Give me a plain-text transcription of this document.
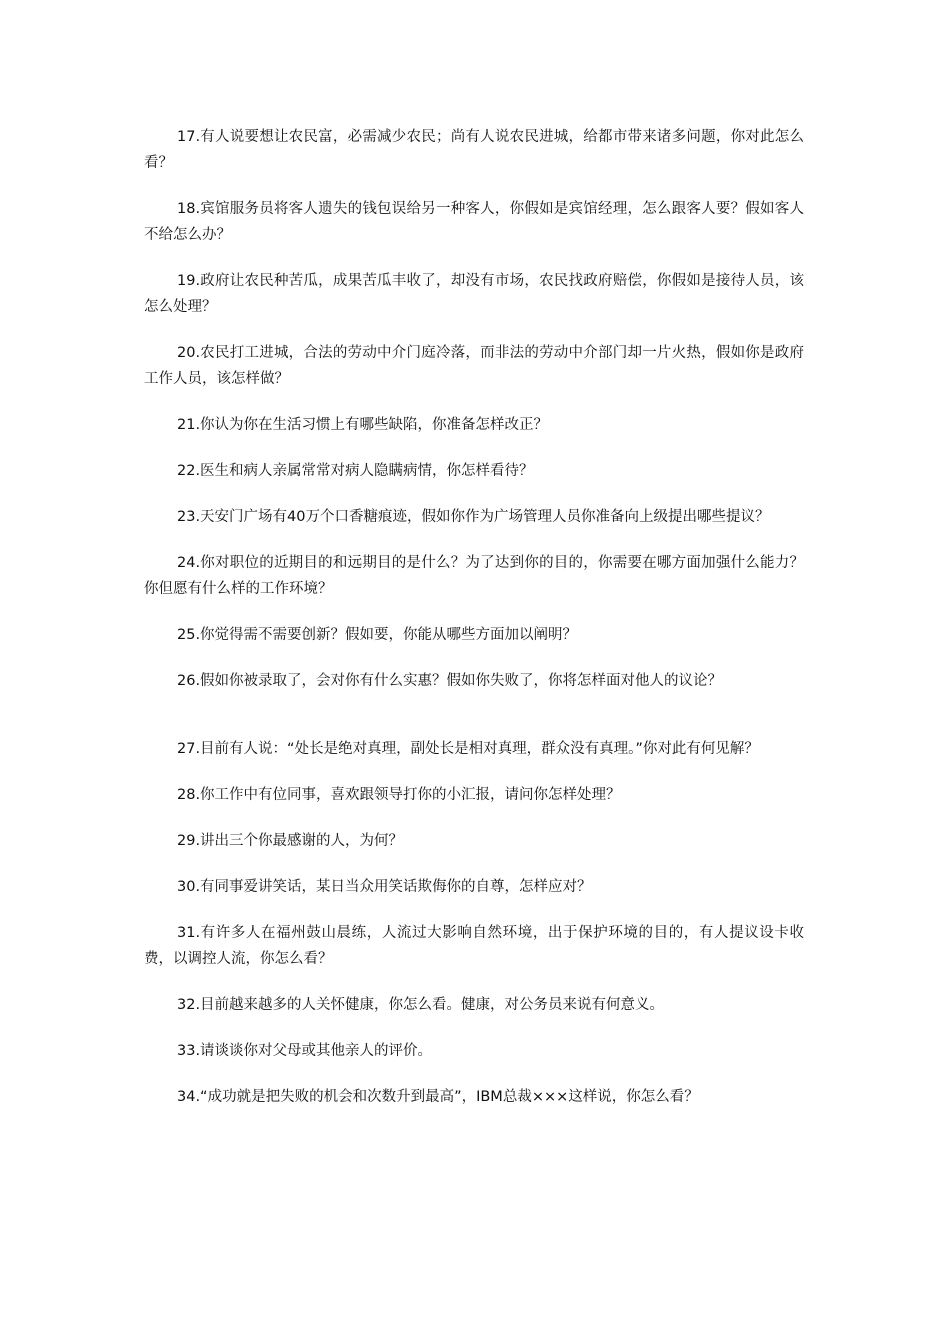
17.有人说要想让农民富，必需减少农民；尚有人说农民进城，给都市带来诸多问题，你对此怎么看？

18.宾馆服务员将客人遗失的钱包误给另一种客人，你假如是宾馆经理，怎么跟客人要？假如客人不给怎么办？

19.政府让农民种苦瓜，成果苦瓜丰收了，却没有市场，农民找政府赔偿，你假如是接待人员，该怎么处理？

20.农民打工进城，合法的劳动中介门庭冷落，而非法的劳动中介部门却一片火热，假如你是政府工作人员，该怎样做？

21.你认为你在生活习惯上有哪些缺陷，你准备怎样改正？

22.医生和病人亲属常常对病人隐瞒病情，你怎样看待？

23.天安门广场有40万个口香糖痕迹，假如你作为广场管理人员你准备向上级提出哪些提议？

24.你对职位的近期目的和远期目的是什么？为了达到你的目的，你需要在哪方面加强什么能力？你但愿有什么样的工作环境？

25.你觉得需不需要创新？假如要，你能从哪些方面加以阐明？

26.假如你被录取了，会对你有什么实惠？假如你失败了，你将怎样面对他人的议论？

27.目前有人说：“处长是绝对真理，副处长是相对真理，群众没有真理。”你对此有何见解？

28.你工作中有位同事，喜欢跟领导打你的小汇报，请问你怎样处理？

29.讲出三个你最感谢的人，为何？

30.有同事爱讲笑话，某日当众用笑话欺侮你的自尊，怎样应对？

31.有许多人在福州鼓山晨练，人流过大影响自然环境，出于保护环境的目的，有人提议设卡收费，以调控人流，你怎么看？

32.目前越来越多的人关怀健康，你怎么看。健康，对公务员来说有何意义。

33.请谈谈你对父母或其他亲人的评价。

34.“成功就是把失败的机会和次数升到最高”，IBM总裁×××这样说，你怎么看？
